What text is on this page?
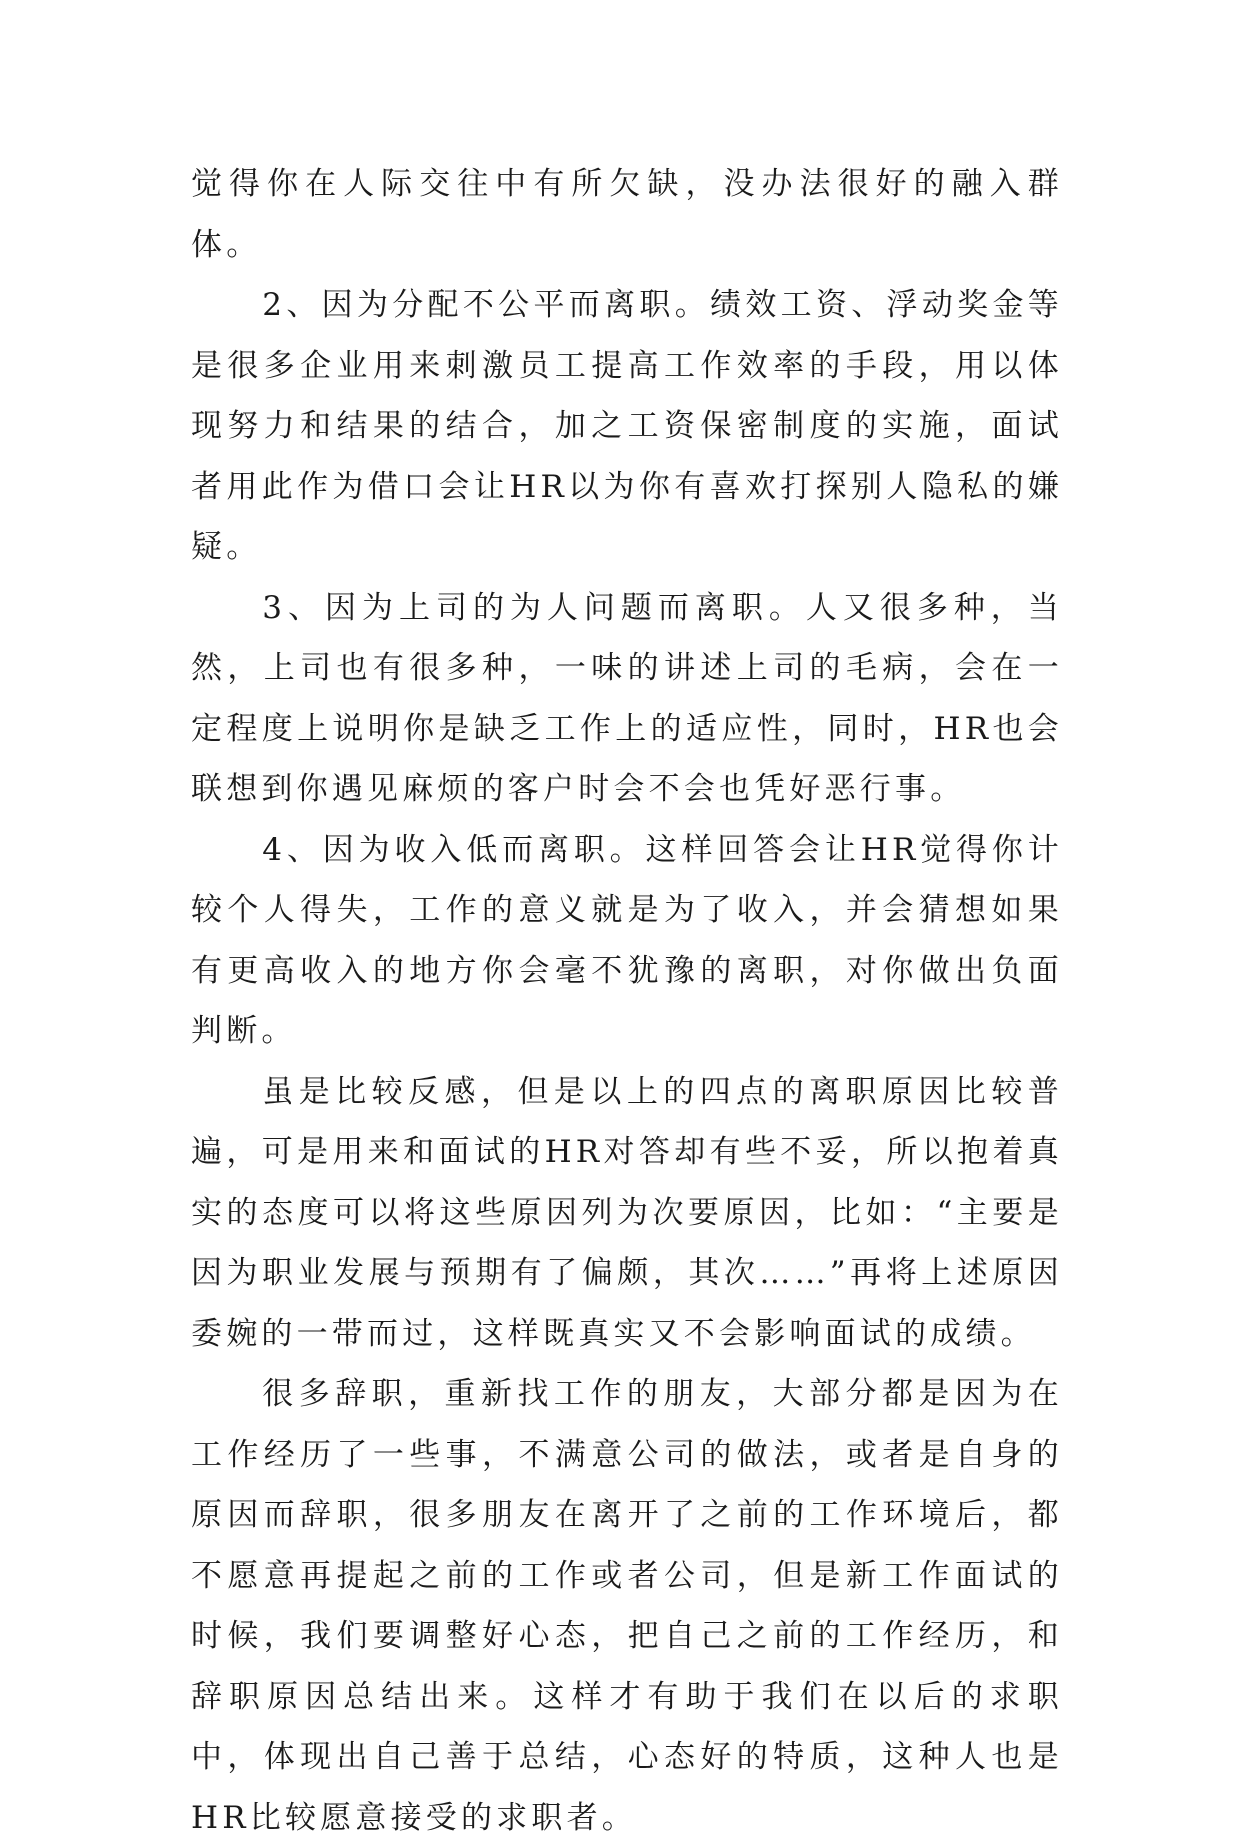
觉得你在人际交往中有所欠缺，没办法很好的融入群体。

2、因为分配不公平而离职。绩效工资、浮动奖金等是很多企业用来刺激员工提高工作效率的手段，用以体现努力和结果的结合，加之工资保密制度的实施，面试者用此作为借口会让HR以为你有喜欢打探别人隐私的嫌疑。

3、因为上司的为人问题而离职。人又很多种，当然，上司也有很多种，一味的讲述上司的毛病，会在一定程度上说明你是缺乏工作上的适应性，同时，HR也会联想到你遇见麻烦的客户时会不会也凭好恶行事。

4、因为收入低而离职。这样回答会让HR觉得你计较个人得失，工作的意义就是为了收入，并会猜想如果有更高收入的地方你会毫不犹豫的离职，对你做出负面判断。

虽是比较反感，但是以上的四点的离职原因比较普遍，可是用来和面试的HR对答却有些不妥，所以抱着真实的态度可以将这些原因列为次要原因，比如：“主要是因为职业发展与预期有了偏颇，其次……”再将上述原因委婉的一带而过，这样既真实又不会影响面试的成绩。

很多辞职，重新找工作的朋友，大部分都是因为在工作经历了一些事，不满意公司的做法，或者是自身的原因而辞职，很多朋友在离开了之前的工作环境后，都不愿意再提起之前的工作或者公司，但是新工作面试的时候，我们要调整好心态，把自己之前的工作经历，和辞职原因总结出来。这样才有助于我们在以后的求职中，体现出自己善于总结，心态好的特质，这种人也是HR比较愿意接受的求职者。
